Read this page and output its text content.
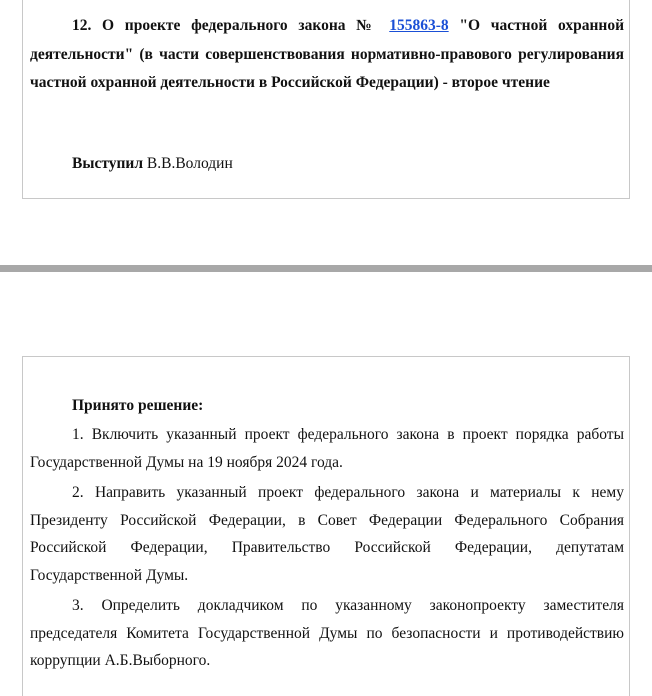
12. О проекте федерального закона № 155863-8 "О частной охранной деятельности" (в части совершенствования нормативно-правового регулирования частной охранной деятельности в Российской Федерации) - второе чтение

Выступил В.В.Володин

Принято решение:

1. Включить указанный проект федерального закона в проект порядка работы Государственной Думы на 19 ноября 2024 года.

2. Направить указанный проект федерального закона и материалы к нему Президенту Российской Федерации, в Совет Федерации Федерального Собрания Российской Федерации, Правительство Российской Федерации, депутатам Государственной Думы.

3. Определить докладчиком по указанному законопроекту заместителя председателя Комитета Государственной Думы по безопасности и противодействию коррупции А.Б.Выборного.
